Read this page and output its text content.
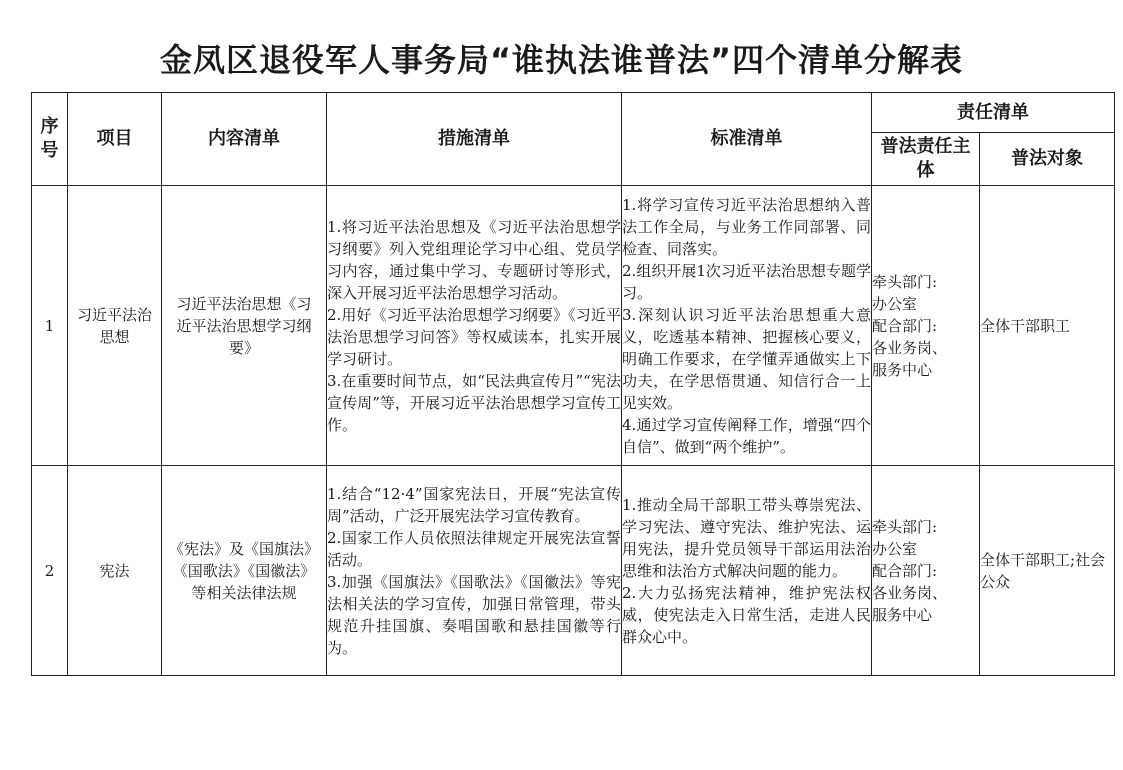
金凤区退役军人事务局“谁执法谁普法”四个清单分解表
序号	项目	内容清单	措施清单	标准清单	责任清单	
					普法责任主体	普法对象
1	习近平法治思想	习近平法治思想《习近平法治思想学习纲要》	1.将习近平法治思想及《习近平法治思想学习纲要》列入党组理论学习中心组、党员学习内容，通过集中学习、专题研讨等形式，深入开展习近平法治思想学习活动。
2.用好《习近平法治思想学习纲要》《习近平法治思想学习问答》等权威读本，扎实开展学习研讨。
3.在重要时间节点，如“民法典宣传月”“宪法宣传周”等，开展习近平法治思想学习宣传工作。	1.将学习宣传习近平法治思想纳入普法工作全局，与业务工作同部署、同检查、同落实。
2.组织开展1次习近平法治思想专题学习。
3.深刻认识习近平法治思想重大意义，吃透基本精神、把握核心要义，明确工作要求，在学懂弄通做实上下功夫，在学思悟贯通、知信行合一上见实效。
4.通过学习宣传阐释工作，增强“四个自信”、做到“两个维护”。	牵头部门:
办公室
配合部门:
各业务岗、
服务中心	全体干部职工
2	宪法	《宪法》及《国旗法》《国歌法》《国徽法》等相关法律法规	1.结合“12·4”国家宪法日，开展“宪法宣传周”活动，广泛开展宪法学习宣传教育。
2.国家工作人员依照法律规定开展宪法宣誓活动。
3.加强《国旗法》《国歌法》《国徽法》等宪法相关法的学习宣传，加强日常管理，带头规范升挂国旗、奏唱国歌和悬挂国徽等行为。	1.推动全局干部职工带头尊崇宪法、学习宪法、遵守宪法、维护宪法、运用宪法，提升党员领导干部运用法治思维和法治方式解决问题的能力。
2.大力弘扬宪法精神，维护宪法权威，使宪法走入日常生活，走进人民群众心中。	牵头部门:
办公室
配合部门:
各业务岗、
服务中心	全体干部职工;社会公众
